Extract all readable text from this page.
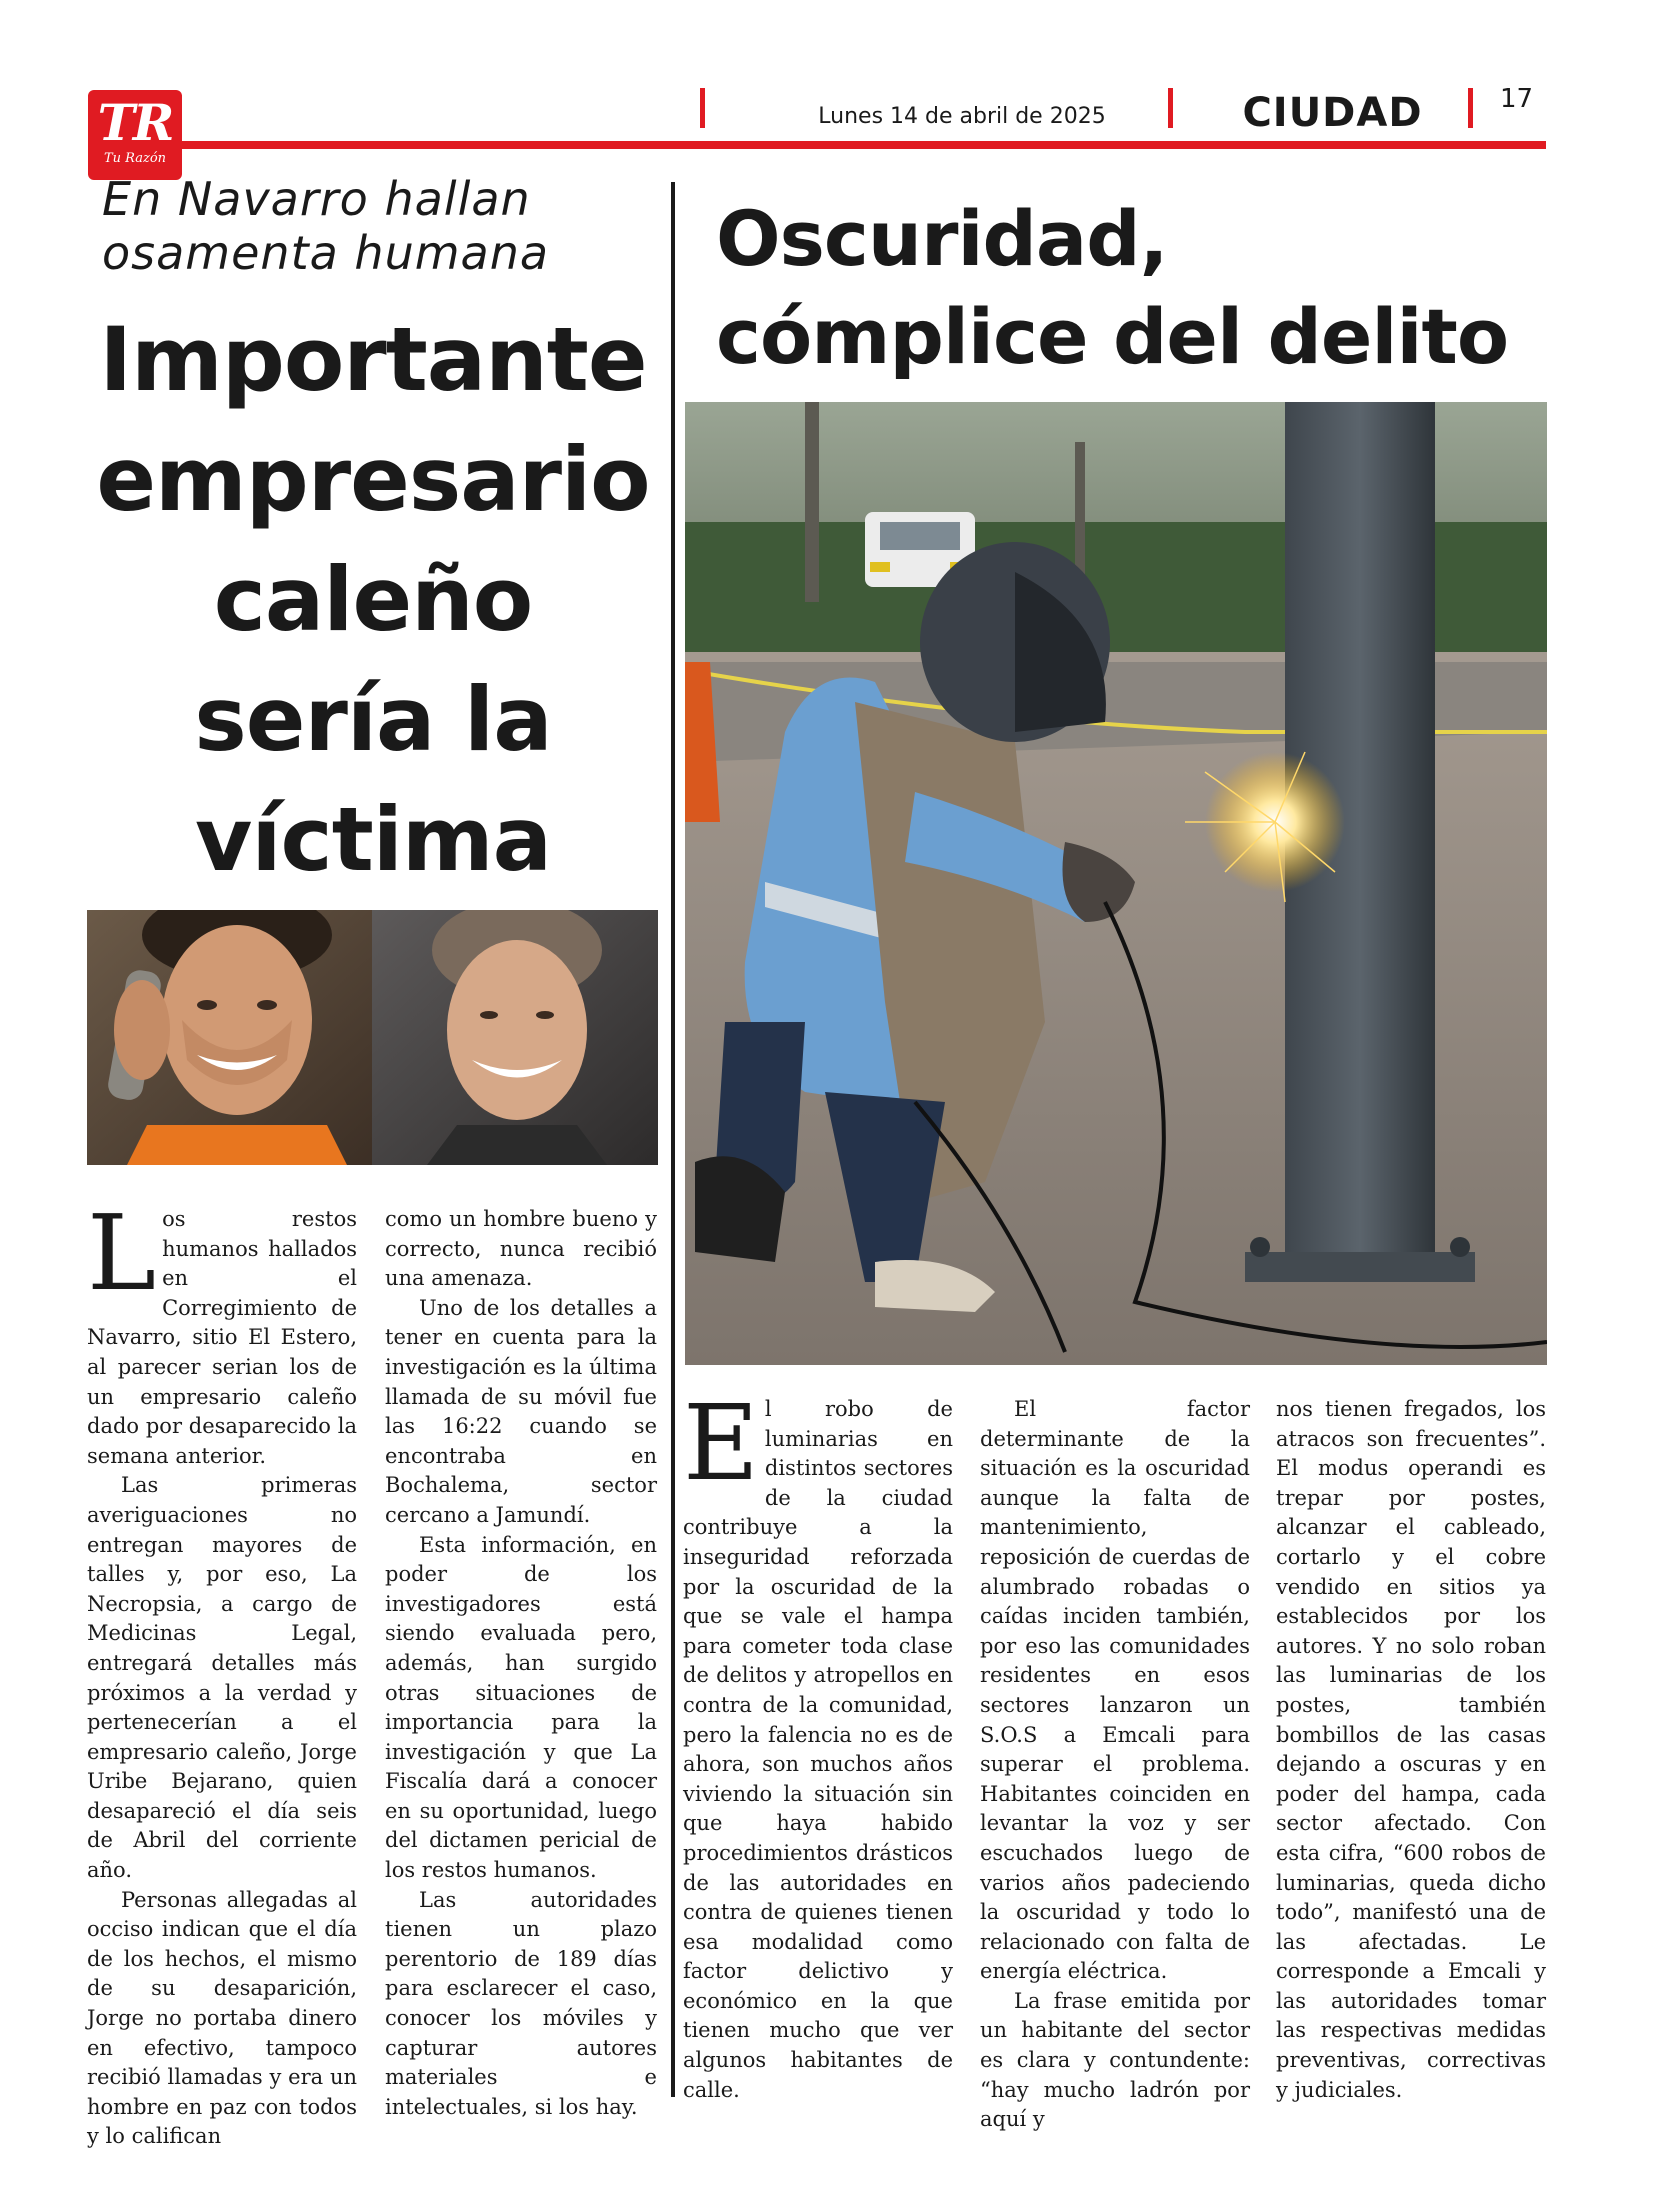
TR
Tu Razón
Lunes 14 de abril de 2025	CIUDAD	17
En Navarro hallan osamenta humana
Importante empresario caleño sería la víctima

Los restos humanos hallados en el Corregimiento de Navarro, sitio El Estero, al parecer serian los de un empresario caleño dado por desaparecido la semana anterior.

Las primeras averiguaciones no entregan mayores de talles y, por eso, La Necropsia, a cargo de Medicinas Legal, entregará detalles más próximos a la verdad y pertenecerían a el empresario caleño, Jorge Uribe Bejarano, quien desapareció el día seis de Abril del corriente año.

Personas allegadas al occiso indican que el día de los hechos, el mismo de su desaparición, Jorge no portaba dinero en efectivo, tampoco recibió llamadas y era un hombre en paz con todos y lo califican

como un hombre bueno y correcto, nunca recibió una amenaza.

Uno de los detalles a tener en cuenta para la investigación es la última llamada de su móvil fue las 16:22 cuando se encontraba en Bochalema, sector cercano a Jamundí.

Esta información, en poder de los investigadores está siendo evaluada pero, además, han surgido otras situaciones de importancia para la investigación y que La Fiscalía dará a conocer en su oportunidad, luego del dictamen pericial de los restos humanos.

Las autoridades tienen un plazo perentorio de 189 días para esclarecer el caso, conocer los móviles y capturar autores materiales e intelectuales, si los hay.

Oscuridad, cómplice del delito

El robo de luminarias en distintos sectores de la ciudad contribuye a la inseguridad reforzada por la oscuridad de la que se vale el hampa para cometer toda clase de delitos y atropellos en contra de la comunidad, pero la falencia no es de ahora, son muchos años viviendo la situación sin que haya habido procedimientos drásticos de las autoridades en contra de quienes tienen esa modalidad como factor delictivo y económico en la que tienen mucho que ver algunos habitantes de calle.

El factor determinante de la situación es la oscuridad aunque la falta de mantenimiento, reposición de cuerdas de alumbrado robadas o caídas inciden también, por eso las comunidades residentes en esos sectores lanzaron un S.O.S a Emcali para superar el problema. Habitantes coinciden en levantar la voz y ser escuchados luego de varios años padeciendo la oscuridad y todo lo relacionado con falta de energía eléctrica.

La frase emitida por un habitante del sector es clara y contundente: “hay mucho ladrón por aquí y

nos tienen fregados, los atracos son frecuentes”. El modus operandi es trepar por postes, alcanzar el cableado, cortarlo y el cobre vendido en sitios ya establecidos por los autores. Y no solo roban las luminarias de los postes, también bombillos de las casas dejando a oscuras y en poder del hampa, cada sector afectado. Con esta cifra, “600 robos de luminarias, queda dicho todo”, manifestó una de las afectadas. Le corresponde a Emcali y las autoridades tomar las respectivas medidas preventivas, correctivas y judiciales.
